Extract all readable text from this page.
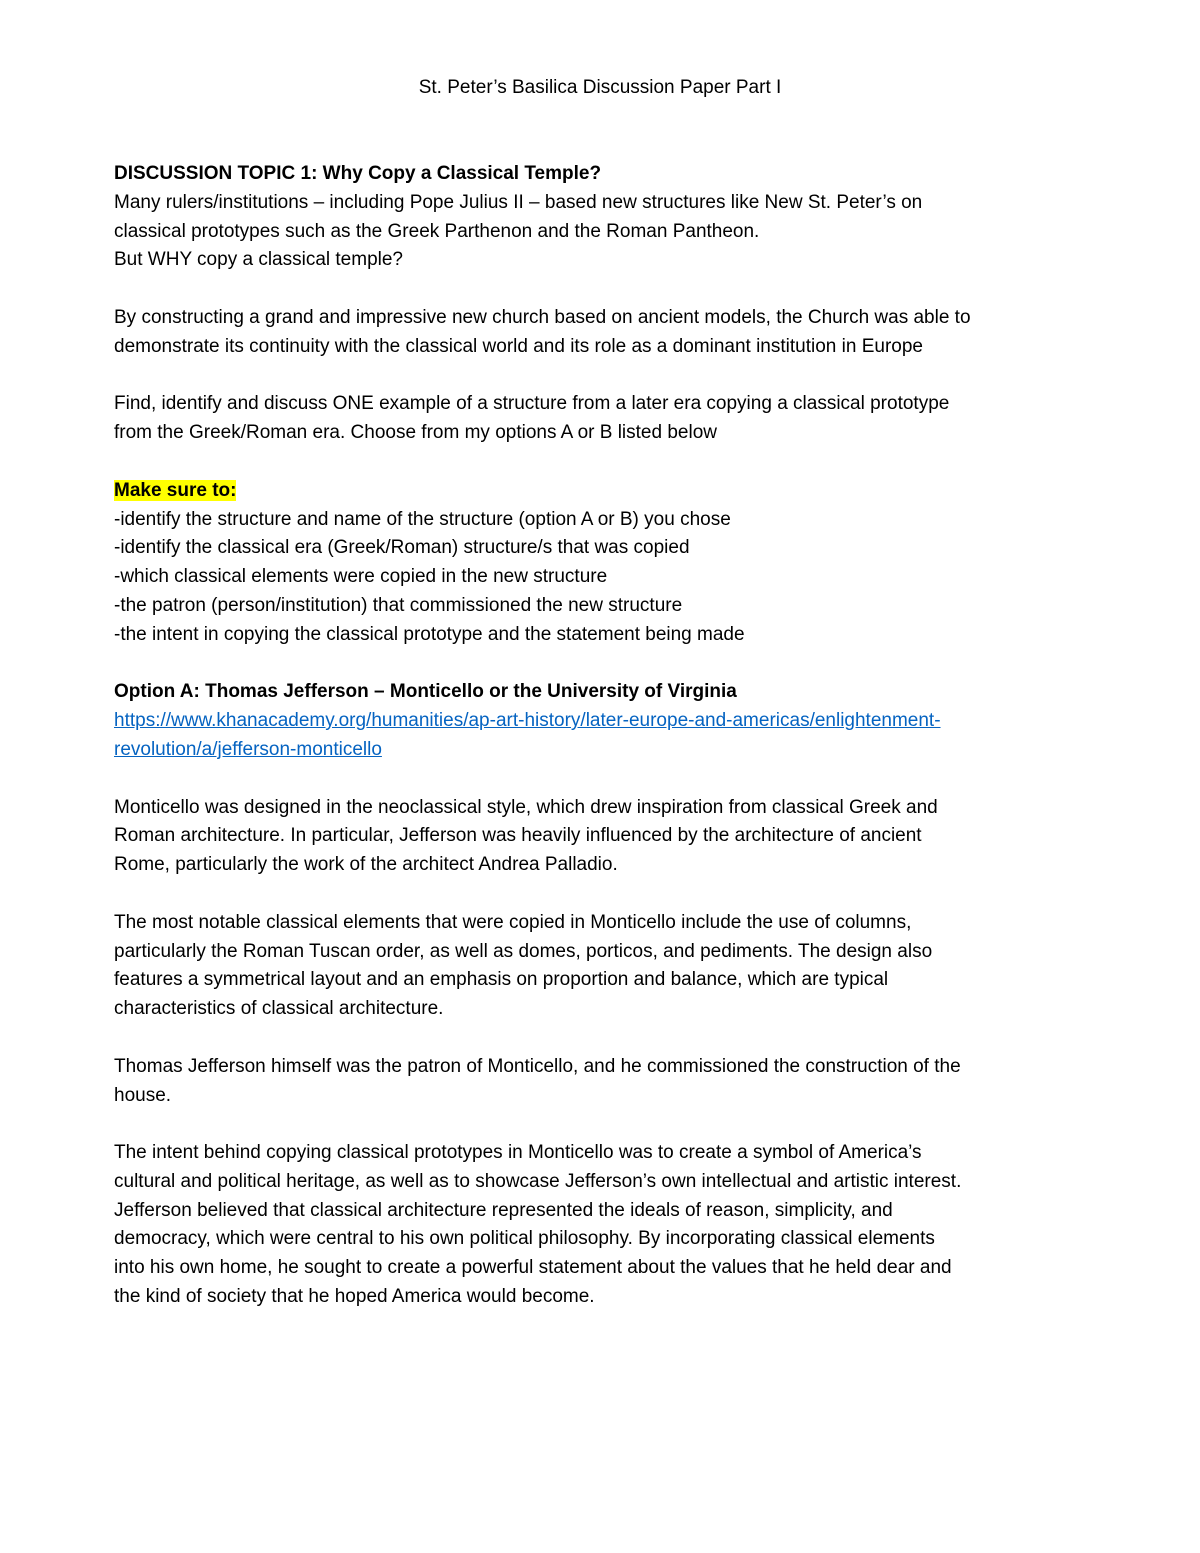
St. Peter’s Basilica Discussion Paper Part I
DISCUSSION TOPIC 1: Why Copy a Classical Temple?
Many rulers/institutions – including Pope Julius II – based new structures like New St. Peter’s on
classical prototypes such as the Greek Parthenon and the Roman Pantheon.
But WHY copy a classical temple?
By constructing a grand and impressive new church based on ancient models, the Church was able to
demonstrate its continuity with the classical world and its role as a dominant institution in Europe
Find, identify and discuss ONE example of a structure from a later era copying a classical prototype
from the Greek/Roman era. Choose from my options A or B listed below
Make sure to:
-identify the structure and name of the structure (option A or B) you chose
-identify the classical era (Greek/Roman) structure/s that was copied
-which classical elements were copied in the new structure
-the patron (person/institution) that commissioned the new structure
-the intent in copying the classical prototype and the statement being made
Option A: Thomas Jefferson – Monticello or the University of Virginia
https://www.khanacademy.org/humanities/ap-art-history/later-europe-and-americas/enlightenment-
revolution/a/jefferson-monticello
Monticello was designed in the neoclassical style, which drew inspiration from classical Greek and
Roman architecture. In particular, Jefferson was heavily influenced by the architecture of ancient
Rome, particularly the work of the architect Andrea Palladio.
The most notable classical elements that were copied in Monticello include the use of columns,
particularly the Roman Tuscan order, as well as domes, porticos, and pediments. The design also
features a symmetrical layout and an emphasis on proportion and balance, which are typical
characteristics of classical architecture.
Thomas Jefferson himself was the patron of Monticello, and he commissioned the construction of the
house.
The intent behind copying classical prototypes in Monticello was to create a symbol of America’s
cultural and political heritage, as well as to showcase Jefferson’s own intellectual and artistic interest.
Jefferson believed that classical architecture represented the ideals of reason, simplicity, and
democracy, which were central to his own political philosophy. By incorporating classical elements
into his own home, he sought to create a powerful statement about the values that he held dear and
the kind of society that he hoped America would become.
